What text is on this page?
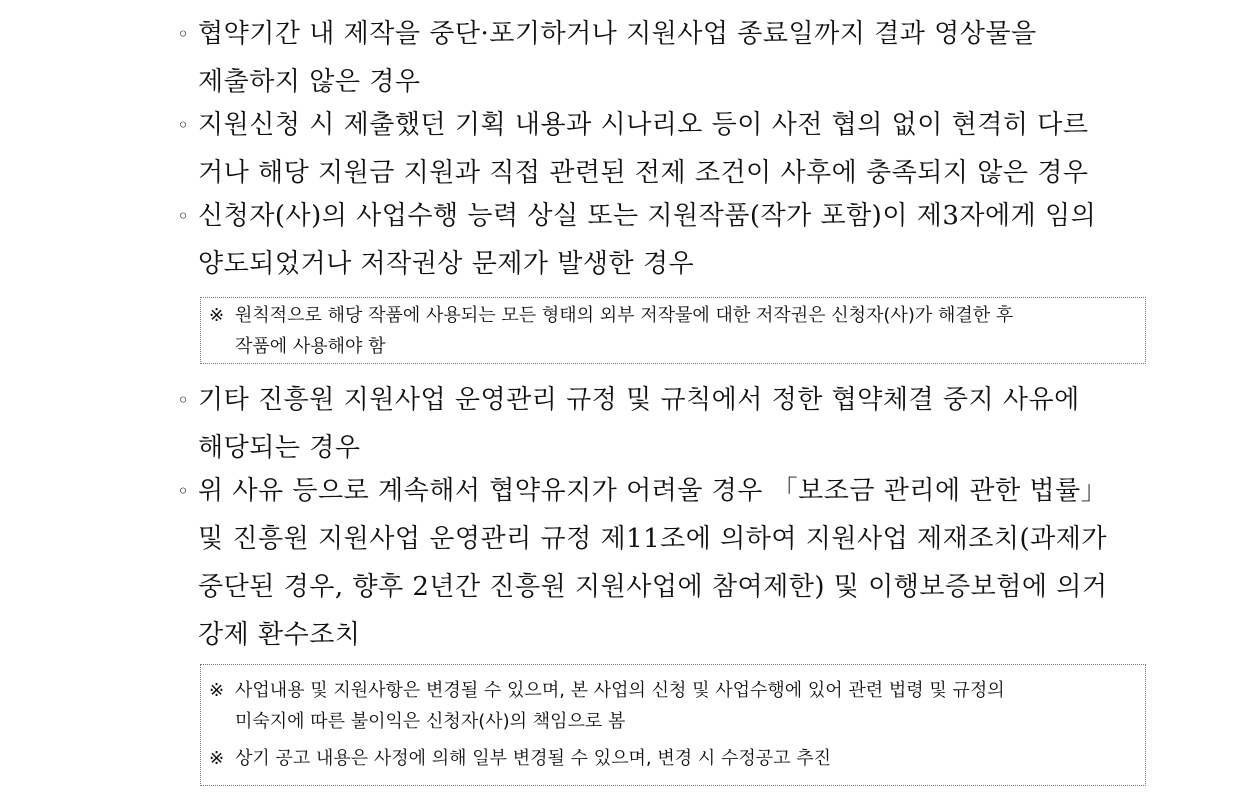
◦ 협약기간 내 제작을 중단·포기하거나 지원사업 종료일까지 결과 영상물을
제출하지 않은 경우
◦ 지원신청 시 제출했던 기획 내용과 시나리오 등이 사전 협의 없이 현격히 다르
거나 해당 지원금 지원과 직접 관련된 전제 조건이 사후에 충족되지 않은 경우
◦ 신청자(사)의 사업수행 능력 상실 또는 지원작품(작가 포함)이 제3자에게 임의
양도되었거나 저작권상 문제가 발생한 경우
※ 원칙적으로 해당 작품에 사용되는 모든 형태의 외부 저작물에 대한 저작권은 신청자(사)가 해결한 후
작품에 사용해야 함
◦ 기타 진흥원 지원사업 운영관리 규정 및 규칙에서 정한 협약체결 중지 사유에
해당되는 경우
◦ 위 사유 등으로 계속해서 협약유지가 어려울 경우 「보조금 관리에 관한 법률」
및 진흥원 지원사업 운영관리 규정 제11조에 의하여 지원사업 제재조치(과제가
중단된 경우, 향후 2년간 진흥원 지원사업에 참여제한) 및 이행보증보험에 의거
강제 환수조치
※ 사업내용 및 지원사항은 변경될 수 있으며, 본 사업의 신청 및 사업수행에 있어 관련 법령 및 규정의
미숙지에 따른 불이익은 신청자(사)의 책임으로 봄
※ 상기 공고 내용은 사정에 의해 일부 변경될 수 있으며, 변경 시 수정공고 추진
